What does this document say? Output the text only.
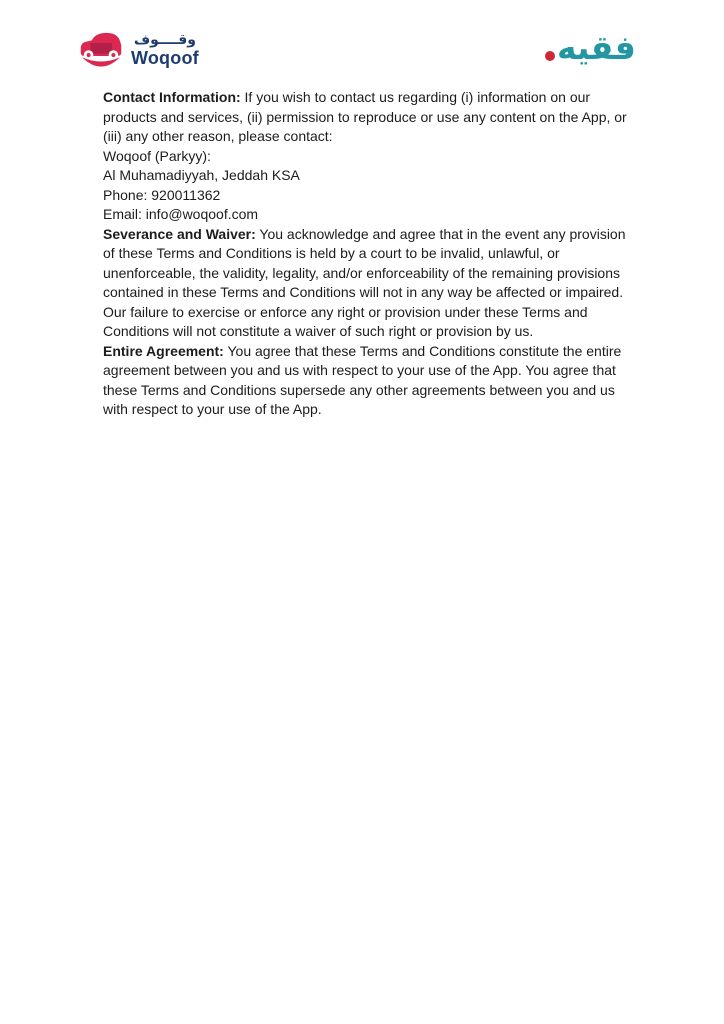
وقــــوف
Woqoof	فقيه

Contact Information: If you wish to contact us regarding (i) information on our products and services, (ii) permission to reproduce or use any content on the App, or (iii) any other reason, please contact:

Woqoof (Parkyy):
Al Muhamadiyyah, Jeddah KSA
Phone: 920011362
Email: info@woqoof.com

Severance and Waiver: You acknowledge and agree that in the event any provision of these Terms and Conditions is held by a court to be invalid, unlawful, or unenforceable, the validity, legality, and/or enforceability of the remaining provisions contained in these Terms and Conditions will not in any way be affected or impaired. Our failure to exercise or enforce any right or provision under these Terms and Conditions will not constitute a waiver of such right or provision by us.

Entire Agreement: You agree that these Terms and Conditions constitute the entire agreement between you and us with respect to your use of the App. You agree that these Terms and Conditions supersede any other agreements between you and us with respect to your use of the App.
